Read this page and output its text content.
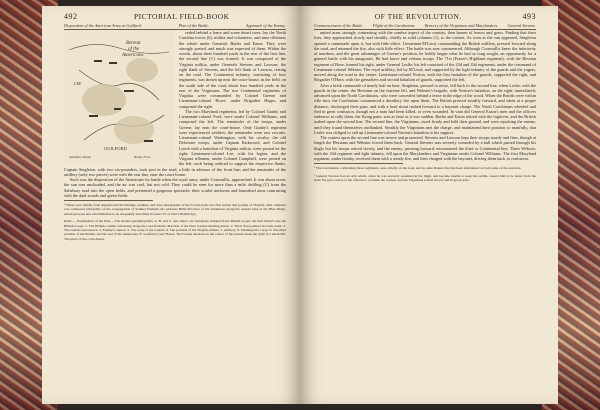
492	PICTORIAL FIELD-BOOK
Disposition of the American Army at Guilford.	Plan of the Battle.	Approach of the Enemy.
Retreat
of the
Americans
LEE
GUILFORD
Salisbury Road	Reedy Fork

ceded behind a fence and some dwarf trees, lay the North Carolina forces (6), militia and volunteers, and nine riflemen, the whole under Generals Butler and Eaton. They were strongly posted, and much was expected of them. Within the woods, about three hundred yards in the rear of the first line, the second line (C) was formed. It was composed of the Virginia militia, under Generals Stevens and Lawson; the right flank of Stevens, and the left flank of Lawson, resting on the road. The Continental infantry, consisting of four regiments, was drawn up near the court-house, in the field, on the south side of the road, about four hundred yards in the rear of the Virginians. The two Continental regiments of Virginia were commanded by Colonel Greene and Lieutenant-colonel Howe, under Brigadier Huger, and composed the right.

The two Maryland regiments, led by Colonel Gunby and Lieutenant-colonel Ford, were under Colonel Williams, and composed the left. The remainder of the troops, under Greene, lay near the court-house. Only Gunby's regiment were experienced soldiers; the remainder were raw recruits. Lieutenant-colonel Washington, with his cavalry, the old Delaware troops, under Captain Kirkwood, and Colonel Lynch with a battalion of Virginia militia, were posted on the right; Lieutenant-colonel Lee, with his legion, and the Virginia riflemen, under Colonel Campbell, were posted on the left, each being ordered to support the respective flanks. Captain Singleton, with two six-pounders, took post in the road, a little in advance of the front line; and the remainder of the artillery (only two pieces) were with the rear line, near the court-house.

Such was the disposition of the Americans for battle when the royal army, under Cornwallis, approached. It was about noon; the sun was unclouded, and the air was cool, but not cold. They could be seen for more than a mile, defiling (C) from the Salisbury road into the open fields, and presented a gorgeous spectacle; their scarlet uniforms and burnished arms contrasting with the dark woods and green fields.

¹ These were chiefly from Augusta and Rockbridge counties, and were descendants of the Scotch-Irish who first settled that portion of Virginia. This company was composed principally of the congregation of Samuel Waddell, the glorious Blind Preacher of the wilderness along the eastern base of the Blue Ridge, whom prowess and extermination to be eloquently described in Letter VI of Wirt's British Spy.

Refer.— Explanation of the Plan.—The shaded parallelograms, A, B, and C, and others, are battalions, marked in the British troops; the half shaded ones the British troops. 1. The British column advancing along the road from the direction of the New Garden meeting-house. 2. Their first position in battle order. 3. The Guards and reserve. 4. Enemy's cannon. 5. The route of the Guards. 6. The position of the Virginia militia. 7. Artillery. 8. Washington's corps. 9. The third position of the British, and the last of the Americans. E. Guilford Court House. The broken shadows in the corner of the picture mark the right of a small hill. The place of the court-house.

OF THE REVOLUTION.	493
Commencement of the Battle. Flight of the Carolinians. Bravery of the Virginians and Marylanders. General Stevens.

united arms strongly contrasting with the sombre aspect of the country, then barren of leaves and grass. Finding that their foes, they approached slowly and steadily, chiefly in solid columns (1), to the contest. As soon as the van appeared, Singleton opened a cannonade upon it, but with little effect. Lieutenant M'Leod, commanding the British artillery, pressed forward along the road, and returned the fire, also with little effect. The battle was now commenced. Although Cornwallis knew the inferiority of numbers, and the great advantages of Greene's position, he boldly began what he had so long sought, an opportunity for a general battle with his antagonist. He had brave and veteran troops. The 71st (Fraser's Highland regiment), with the Hessian regiment of Bose, formed his right, under General Leslie; his left consisted of the 23d and 33d regiments, under the command of Lieutenant-colonel Webster. The royal artillery, led by M'Leod, and supported by the light infantry of the guards and the yagers, moved along the road in the center. Lieutenant-colonel Norton, with the first battalion of the guards, supported the right, and Brigadier O'Hara, with the grenadiers and second battalion of guards, supported the left.

After a brisk cannonade of nearly half an hour, Singleton, pressed to retire, fell back to the second line, when Leslie, with the guards in the center, the Hessians on the extreme left, and Webster's brigade, with Norton's battalion, on the right, immediately advanced upon the North Carolinians, who were concealed behind a fence in the edge of the wood. When the British were within rifle shot, the Carolinians commenced a desultory fire upon them. The British pressed steadily forward, and when at a proper distance, discharged their guns, and with a loud shout rushed forward to a bayonet charge. The North Carolinians wheeled and fled in great confusion, though not a man had been killed, or even wounded. In vain did General Eaton's men and the officers endeavor to rally them; the flying panic was as fatal as it was sudden. Butler and Eaton retired with the fugitives, and the British rushed upon the second line. The second line, the Virginians, stood firmly and held their ground, and were repulsing the enemy, until they found themselves outflanked. Steadily the Virginians met the charge, and maintained their position so manfully, that Leslie was obliged to call up Lieutenant-colonel Norton's battalion to his support.

The contest upon the second line was severe and protracted. Stevens and Lawson kept their troops steady and firm, though at length the Hessians and Webster forced them back. General Stevens was severely wounded by a ball which passed through his thigh; but his troops retired slowly, and the enemy, pressing forward, encountered the third or Continental line. There Webster, with the 33d regiment and light infantry, fell upon the Marylanders and Virginians under Colonel Williams. The first Maryland regiment, under Gunby, received them with a steady fire, and then charged with the bayonet, driving them back in confusion.

¹ The Carolinians, comprising three regiments, were chiefly on the road, and in some dispute that has been maintained on both sides of the question.

² General Stevens had an arm which, when he was severely wounded in the thigh, and became unable to keep his saddle, caused him to be borne from the field. He gave orders to his officers to continue the contest, and the Virginians retired slowly and in good order.
